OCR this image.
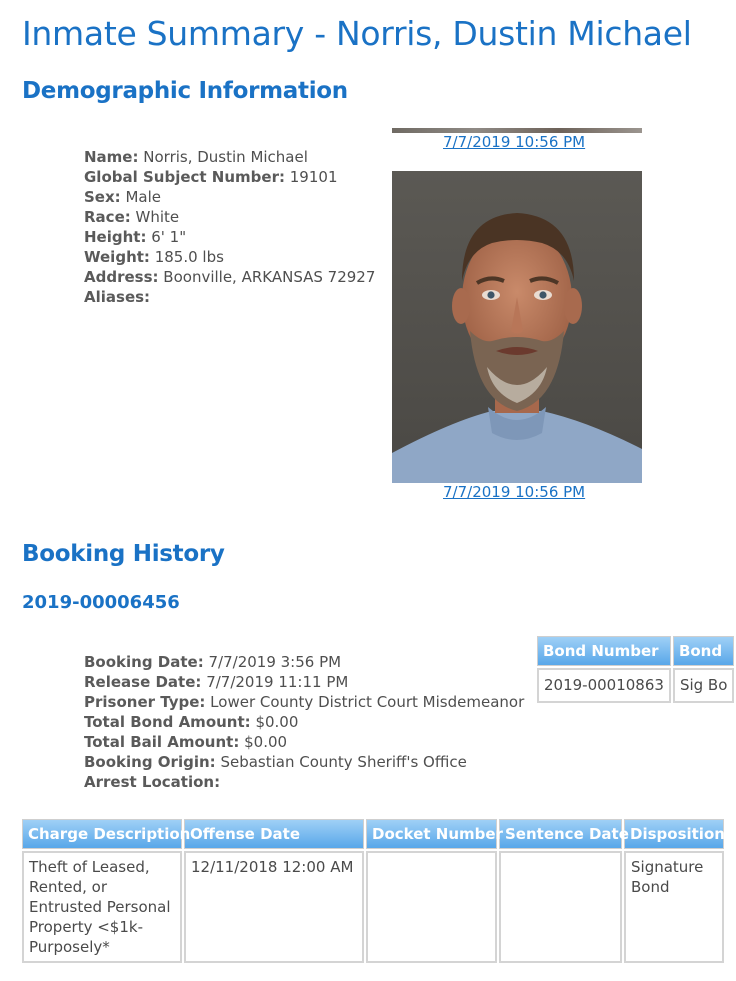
Inmate Summary - Norris, Dustin Michael
Demographic Information
Name: Norris, Dustin Michael
Global Subject Number: 19101
Sex: Male
Race: White
Height: 6' 1"
Weight: 185.0 lbs
Address: Boonville, ARKANSAS 72927
Aliases:
7/7/2019 10:56 PM
7/7/2019 10:56 PM
Booking History
2019-00006456
Booking Date: 7/7/2019 3:56 PM
Release Date: 7/7/2019 11:11 PM
Prisoner Type: Lower County District Court Misdemeanor
Total Bond Amount: $0.00
Total Bail Amount: $0.00
Booking Origin: Sebastian County Sheriff's Office
Arrest Location:
Bond Number	Bond
2019-00010863	Sig Bo
Charge Description	Offense Date	Docket Number	Sentence Date	Disposition
Theft of Leased, Rented, or Entrusted Personal Property <$1k-Purposely*	12/11/2018 12:00 AM			Signature Bond
